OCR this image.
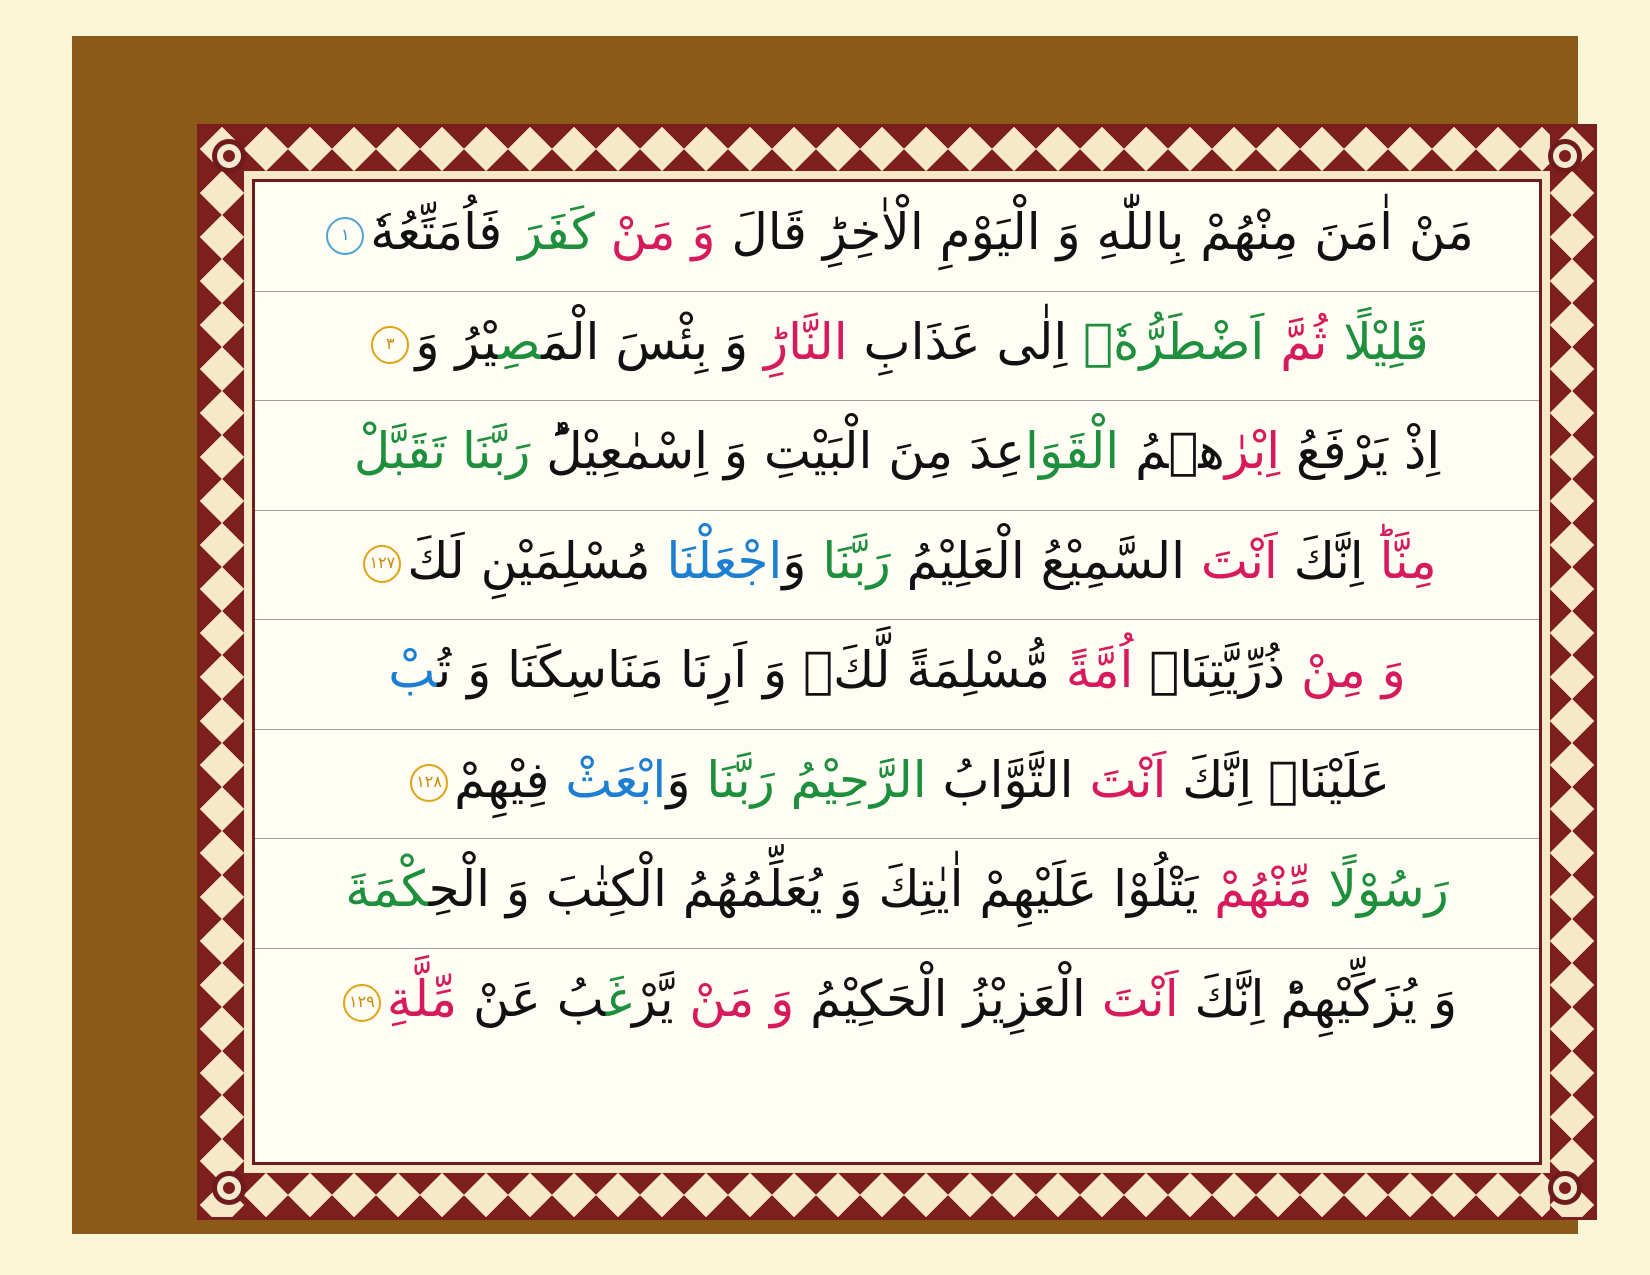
مَنْ اٰمَنَ مِنْهُمْ بِاللّٰهِ وَ الْيَوْمِ الْاٰخِرِؕ قَالَ وَ مَنْ كَفَرَ فَاُمَتِّعُهٗ١
قَلِيْلًا ثُمَّ اَضْطَرُّهٗۤ اِلٰى عَذَابِ النَّارِؕ وَ بِئْسَ الْمَصِيْرُ وَ٣
اِذْ يَرْفَعُ اِبْرٰهٖمُ الْقَوَاعِدَ مِنَ الْبَيْتِ وَ اِسْمٰعِيْلُؕ رَبَّنَا تَقَبَّلْ
مِنَّاؕ اِنَّكَ اَنْتَ السَّمِيْعُ الْعَلِيْمُ رَبَّنَا وَاجْعَلْنَا مُسْلِمَيْنِ لَكَ١٢٧
وَ مِنْ ذُرِّيَّتِنَاۤ اُمَّةً مُّسْلِمَةً لَّكَ۪ وَ اَرِنَا مَنَاسِكَنَا وَ تُبْ
عَلَيْنَاۚ اِنَّكَ اَنْتَ التَّوَّابُ الرَّحِيْمُ رَبَّنَا وَابْعَثْ فِيْهِمْ١٢٨
رَسُوْلًا مِّنْهُمْ يَتْلُوْا عَلَيْهِمْ اٰيٰتِكَ وَ يُعَلِّمُهُمُ الْكِتٰبَ وَ الْحِكْمَةَ
وَ يُزَكِّيْهِمْؕ اِنَّكَ اَنْتَ الْعَزِيْزُ الْحَكِيْمُ وَ مَنْ يَّرْغَبُ عَنْ مِّلَّةِ١٢٩
